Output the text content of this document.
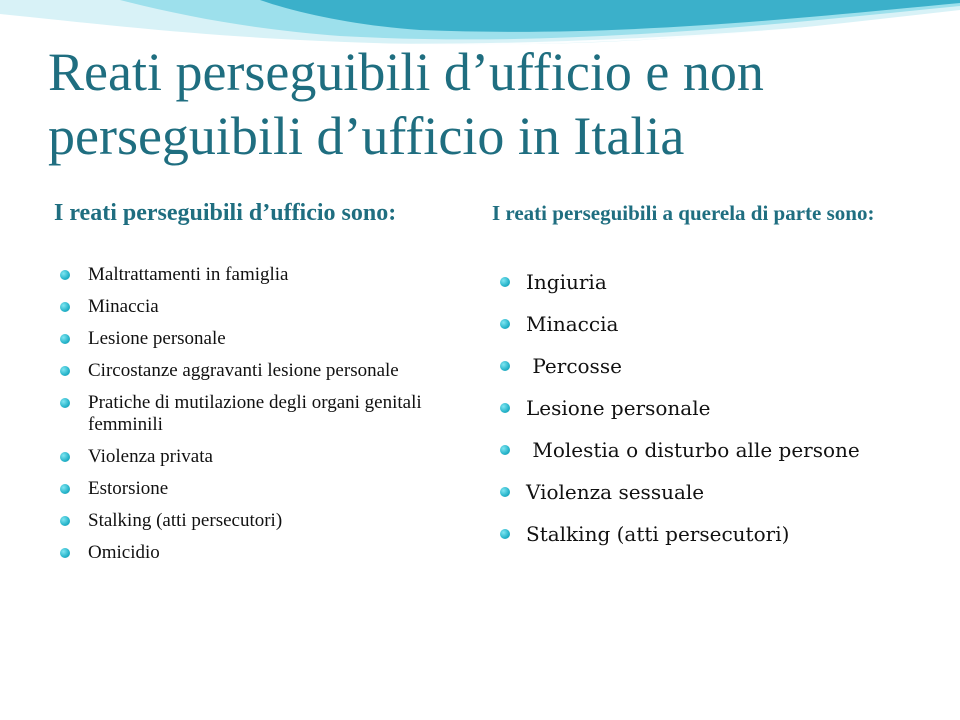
Reati perseguibili d’ufficio e non perseguibili d’ufficio in Italia
I reati perseguibili d’ufficio sono:
Maltrattamenti in famiglia
Minaccia
Lesione personale
Circostanze aggravanti lesione personale
Pratiche di mutilazione degli organi genitali femminili
Violenza privata
Estorsione
Stalking (atti persecutori)
Omicidio
I reati perseguibili a querela di parte sono:
Ingiuria
Minaccia
Percosse
Lesione personale
Molestia o disturbo alle persone
Violenza sessuale
Stalking (atti persecutori)
